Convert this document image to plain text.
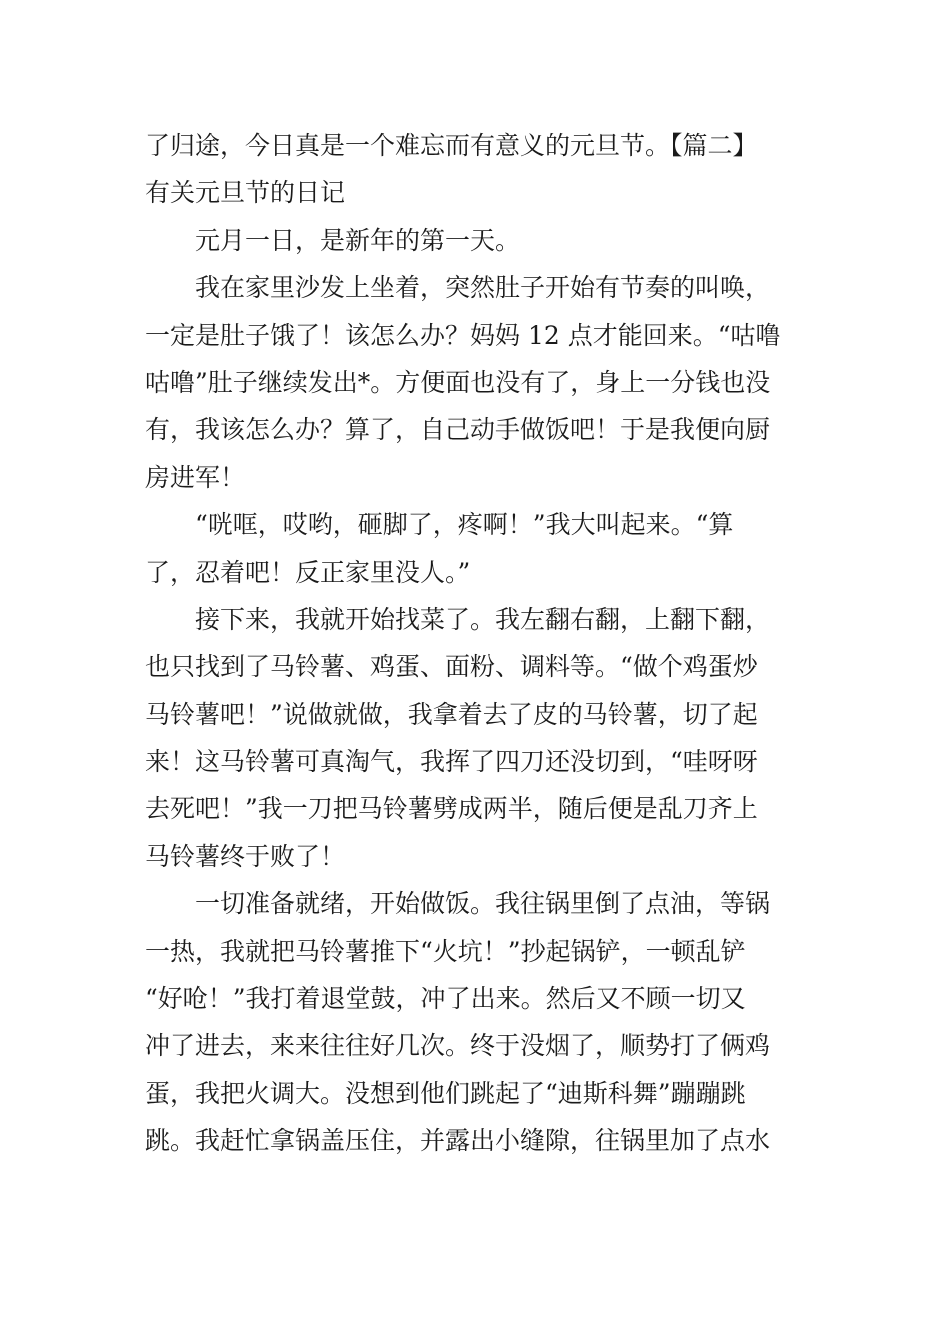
了归途，今日真是一个难忘而有意义的元旦节。【篇二】
有关元旦节的日记
元月一日，是新年的第一天。
我在家里沙发上坐着，突然肚子开始有节奏的叫唤，
一定是肚子饿了！该怎么办？妈妈 12 点才能回来。“咕噜
咕噜”肚子继续发出*。方便面也没有了，身上一分钱也没
有，我该怎么办？算了，自己动手做饭吧！于是我便向厨
房进军！
“咣哐，哎哟，砸脚了，疼啊！”我大叫起来。“算
了，忍着吧！反正家里没人。”
接下来，我就开始找菜了。我左翻右翻，上翻下翻，
也只找到了马铃薯、鸡蛋、面粉、调料等。“做个鸡蛋炒
马铃薯吧！”说做就做，我拿着去了皮的马铃薯，切了起
来！这马铃薯可真淘气，我挥了四刀还没切到，“哇呀呀
去死吧！”我一刀把马铃薯劈成两半，随后便是乱刀齐上
马铃薯终于败了！
一切准备就绪，开始做饭。我往锅里倒了点油，等锅
一热，我就把马铃薯推下“火坑！”抄起锅铲，一顿乱铲
“好呛！”我打着退堂鼓，冲了出来。然后又不顾一切又
冲了进去，来来往往好几次。终于没烟了，顺势打了俩鸡
蛋，我把火调大。没想到他们跳起了“迪斯科舞”蹦蹦跳
跳。我赶忙拿锅盖压住，并露出小缝隙，往锅里加了点水
